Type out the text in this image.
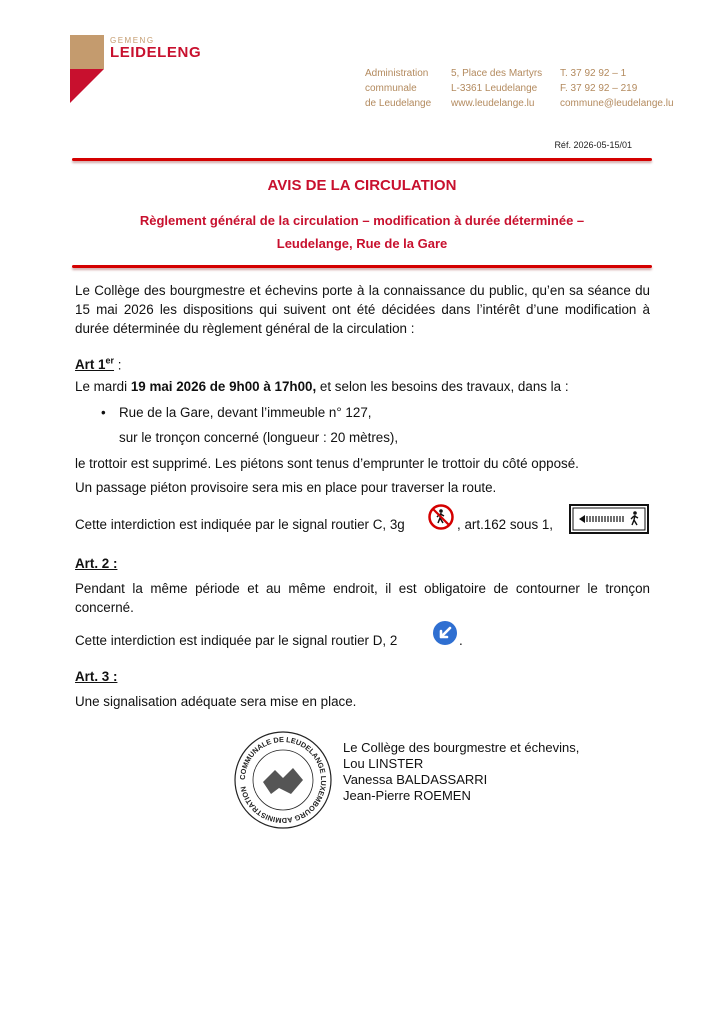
GEMENG
LEIDELENG
Administration
communale
de Leudelange
5, Place des Martyrs
L-3361 Leudelange
www.leudelange.lu
T. 37 92 92 – 1
F. 37 92 92 – 219
commune@leudelange.lu
Réf. 2026-05-15/01
AVIS DE LA CIRCULATION
Règlement général de la circulation – modification à durée déterminée –
Leudelange, Rue de la Gare
Le Collège des bourgmestre et échevins porte à la connaissance du public, qu’en sa séance du 15 mai 2026 les dispositions qui suivent ont été décidées dans l’intérêt d’une modification à durée déterminée du règlement général de la circulation :
Art 1er :
Le mardi 19 mai 2026 de 9h00 à 17h00, et selon les besoins des travaux, dans la :
• Rue de la Gare, devant l’immeuble n° 127,
sur le tronçon concerné (longueur : 20 mètres),
le trottoir est supprimé. Les piétons sont tenus d’emprunter le trottoir du côté opposé.
Un passage piéton provisoire sera mis en place pour traverser la route.
Cette interdiction est indiquée par le signal routier C, 3g	, art.162 sous 1,
Art. 2 :
Pendant la même période et au même endroit, il est obligatoire de contourner le tronçon concerné.
Cette interdiction est indiquée par le signal routier D, 2	.
Art. 3 :
Une signalisation adéquate sera mise en place.
COMMUNALE DE LEUDELANGE LUXEMBOURG ADMINISTRATION
Le Collège des bourgmestre et échevins,
Lou LINSTER
Vanessa BALDASSARRI
Jean-Pierre ROEMEN
